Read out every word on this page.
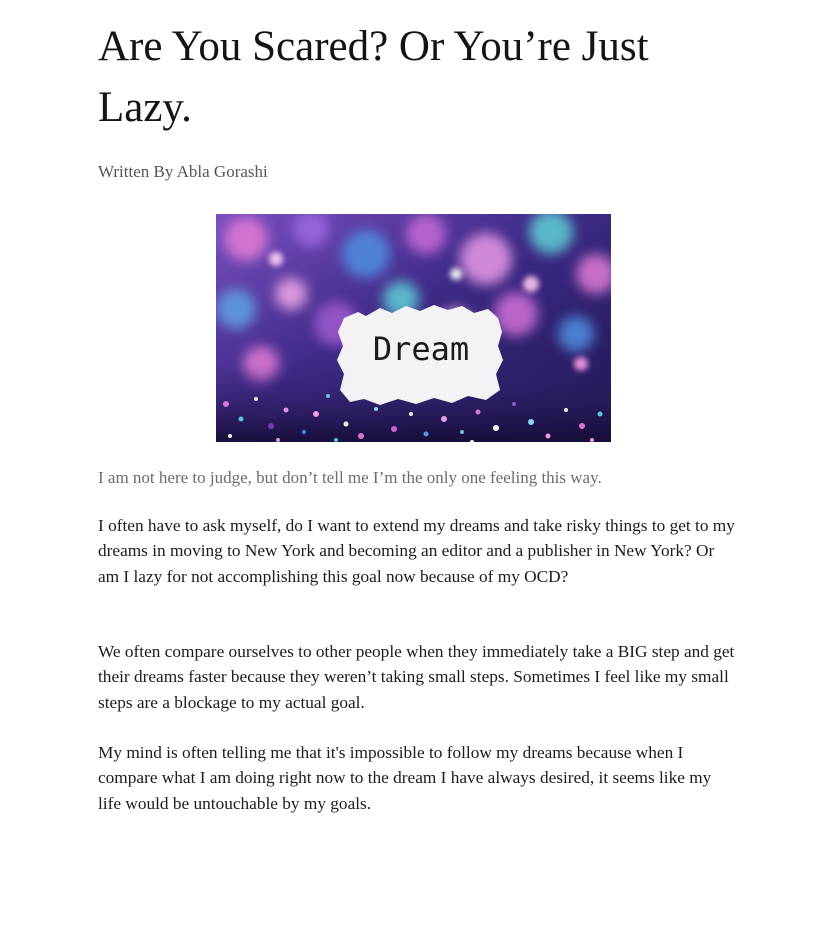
Are You Scared? Or You’re Just Lazy.
Written By Abla Gorashi
Dream
I am not here to judge, but don’t tell me I’m the only one feeling this way.

I often have to ask myself, do I want to extend my dreams and take risky things to get to my dreams in moving to New York and becoming an editor and a publisher in New York? Or am I lazy for not accomplishing this goal now because of my OCD?

We often compare ourselves to other people when they immediately take a BIG step and get their dreams faster because they weren’t taking small steps. Sometimes I feel like my small steps are a blockage to my actual goal.

My mind is often telling me that it's impossible to follow my dreams because when I compare what I am doing right now to the dream I have always desired, it seems like my life would be untouchable by my goals.
